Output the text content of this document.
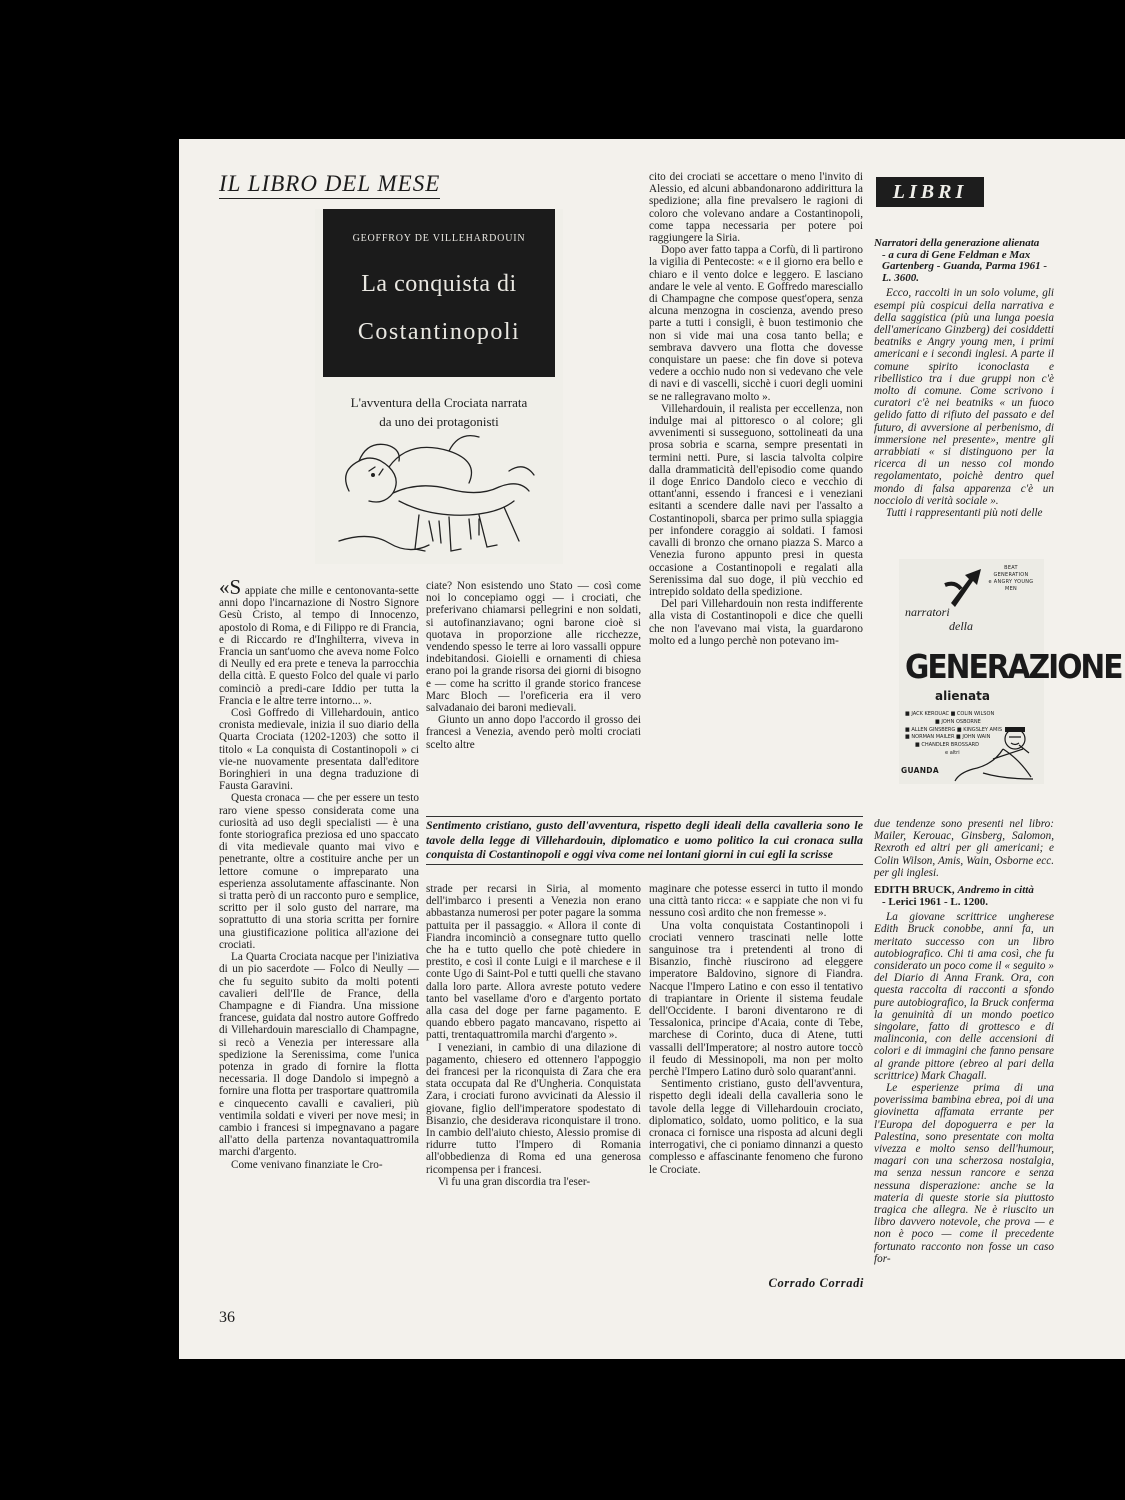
IL LIBRO DEL MESE
GEOFFROY DE VILLEHARDOUIN
La conquista di
Costantinopoli
L'avventura della Crociata narrata
da uno dei protagonisti

«S appiate che mille e centonovanta-sette anni dopo l'incarnazione di Nostro Signore Gesù Cristo, al tempo di Innocenzo, apostolo di Roma, e di Filippo re di Francia, e di Riccardo re d'Inghilterra, viveva in Francia un sant'uomo che aveva nome Folco di Neully ed era prete e teneva la parrocchia della città. E questo Folco del quale vi parlo cominciò a predi-care Iddio per tutta la Francia e le altre terre intorno... ».

Così Goffredo di Villehardouin, antico cronista medievale, inizia il suo diario della Quarta Crociata (1202-1203) che sotto il titolo « La conquista di Costantinopoli » ci vie-ne nuovamente presentata dall'editore Boringhieri in una degna traduzione di Fausta Garavini.

Questa cronaca — che per essere un testo raro viene spesso considerata come una curiosità ad uso degli specialisti — è una fonte storiografica preziosa ed uno spaccato di vita medievale quanto mai vivo e penetrante, oltre a costituire anche per un lettore comune o impreparato una esperienza assolutamente affascinante. Non si tratta però di un racconto puro e semplice, scritto per il solo gusto del narrare, ma soprattutto di una storia scritta per fornire una giustificazione politica all'azione dei crociati.

La Quarta Crociata nacque per l'iniziativa di un pio sacerdote — Folco di Neully — che fu seguito subito da molti potenti cavalieri dell'Ile de France, della Champagne e di Fiandra. Una missione francese, guidata dal nostro autore Goffredo di Villehardouin maresciallo di Champagne, si recò a Venezia per interessare alla spedizione la Serenissima, come l'unica potenza in grado di fornire la flotta necessaria. Il doge Dandolo si impegnò a fornire una flotta per trasportare quattromila e cinquecento cavalli e cavalieri, più ventimila soldati e viveri per nove mesi; in cambio i francesi si impegnavano a pagare all'atto della partenza novantaquattromila marchi d'argento.

Come venivano finanziate le Cro-

ciate? Non esistendo uno Stato — così come noi lo concepiamo oggi — i crociati, che preferivano chiamarsi pellegrini e non soldati, si autofinanziavano; ogni barone cioè si quotava in proporzione alle ricchezze, vendendo spesso le terre ai loro vassalli oppure indebitandosi. Gioielli e ornamenti di chiesa erano poi la grande risorsa dei giorni di bisogno e — come ha scritto il grande storico francese Marc Bloch — l'oreficeria era il vero salvadanaio dei baroni medievali.

Giunto un anno dopo l'accordo il grosso dei francesi a Venezia, avendo però molti crociati scelto altre

cito dei crociati se accettare o meno l'invito di Alessio, ed alcuni abbandonarono addirittura la spedizione; alla fine prevalsero le ragioni di coloro che volevano andare a Costantinopoli, come tappa necessaria per potere poi raggiungere la Siria.

Dopo aver fatto tappa a Corfù, di lì partirono la vigilia di Pentecoste: « e il giorno era bello e chiaro e il vento dolce e leggero. E lasciano andare le vele al vento. E Goffredo maresciallo di Champagne che compose quest'opera, senza alcuna menzogna in coscienza, avendo preso parte a tutti i consigli, è buon testimonio che non si vide mai una cosa tanto bella; e sembrava davvero una flotta che dovesse conquistare un paese: che fin dove si poteva vedere a occhio nudo non si vedevano che vele di navi e di vascelli, sicchè i cuori degli uomini se ne rallegravano molto ».

Villehardouin, il realista per eccellenza, non indulge mai al pittoresco o al colore; gli avvenimenti si susseguono, sottolineati da una prosa sobria e scarna, sempre presentati in termini netti. Pure, si lascia talvolta colpire dalla drammaticità dell'episodio come quando il doge Enrico Dandolo cieco e vecchio di ottant'anni, essendo i francesi e i veneziani esitanti a scendere dalle navi per l'assalto a Costantinopoli, sbarca per primo sulla spiaggia per infondere coraggio ai soldati. I famosi cavalli di bronzo che ornano piazza S. Marco a Venezia furono appunto presi in questa occasione a Costantinopoli e regalati alla Serenissima dal suo doge, il più vecchio ed intrepido soldato della spedizione.

Del pari Villehardouin non resta indifferente alla vista di Costantinopoli e dice che quelli che non l'avevano mai vista, la guardarono molto ed a lungo perchè non potevano im-

Sentimento cristiano, gusto dell'avventura, rispetto degli ideali della cavalleria sono le tavole della legge di Villehardouin, diplomatico e uomo politico la cui cronaca sulla conquista di Costantinopoli e oggi viva come nei lontani giorni in cui egli la scrisse

strade per recarsi in Siria, al momento dell'imbarco i presenti a Venezia non erano abbastanza numerosi per poter pagare la somma pattuita per il passaggio. « Allora il conte di Fiandra incominciò a consegnare tutto quello che ha e tutto quello che potè chiedere in prestito, e così il conte Luigi e il marchese e il conte Ugo di Saint-Pol e tutti quelli che stavano dalla loro parte. Allora avreste potuto vedere tanto bel vasellame d'oro e d'argento portato alla casa del doge per farne pagamento. E quando ebbero pagato mancavano, rispetto ai patti, trentaquattromila marchi d'argento ».

I veneziani, in cambio di una dilazione di pagamento, chiesero ed ottennero l'appoggio dei francesi per la riconquista di Zara che era stata occupata dal Re d'Ungheria. Conquistata Zara, i crociati furono avvicinati da Alessio il giovane, figlio dell'imperatore spodestato di Bisanzio, che desiderava riconquistare il trono. In cambio dell'aiuto chiesto, Alessio promise di ridurre tutto l'Impero di Romania all'obbedienza di Roma ed una generosa ricompensa per i francesi.

Vi fu una gran discordia tra l'eser-

maginare che potesse esserci in tutto il mondo una città tanto ricca: « e sappiate che non vi fu nessuno così ardito che non fremesse ».

Una volta conquistata Costantinopoli i crociati vennero trascinati nelle lotte sanguinose tra i pretendenti al trono di Bisanzio, finchè riuscirono ad eleggere imperatore Baldovino, signore di Fiandra. Nacque l'Impero Latino e con esso il tentativo di trapiantare in Oriente il sistema feudale dell'Occidente. I baroni diventarono re di Tessalonica, principe d'Acaia, conte di Tebe, marchese di Corinto, duca di Atene, tutti vassalli dell'Imperatore; al nostro autore toccò il feudo di Messinopoli, ma non per molto perchè l'Impero Latino durò solo quarant'anni.

Sentimento cristiano, gusto dell'avventura, rispetto degli ideali della cavalleria sono le tavole della legge di Villehardouin crociato, diplomatico, soldato, uomo politico, e la sua cronaca ci fornisce una risposta ad alcuni degli interrogativi, che ci poniamo dinnanzi a questo complesso e affascinante fenomeno che furono le Crociate.

Corrado Corradi
LIBRI
Narratori della generazione alienata
- a cura di Gene Feldman e Max Gartenberg - Guanda, Parma 1961 - L. 3600.

Ecco, raccolti in un solo volume, gli esempi più cospicui della narrativa e della saggistica (più una lunga poesia dell'americano Ginzberg) dei cosiddetti beatniks e Angry young men, i primi americani e i secondi inglesi. A parte il comune spirito iconoclasta e ribellistico tra i due gruppi non c'è molto di comune. Come scrivono i curatori c'è nei beatniks « un fuoco gelido fatto di rifiuto del passato e del futuro, di avversione al perbenismo, di immersione nel presente», mentre gli arrabbiati « si distinguono per la ricerca di un nesso col mondo regolamentato, poichè dentro quel mondo di falsa apparenza c'è un nocciolo di verità sociale ».

Tutti i rappresentanti più noti delle

BEAT
GENERATION
e ANGRY YOUNG
MEN
narratori
della
GENERAZIONE
alienata
■ JACK KEROUAC ■ COLIN WILSON
■ JOHN OSBORNE
■ ALLEN GINSBERG ■ KINGSLEY AMIS
■ NORMAN MAILER ■ JOHN WAIN
■ CHANDLER BROSSARD
e altri
GUANDA

due tendenze sono presenti nel libro: Mailer, Kerouac, Ginsberg, Salomon, Rexroth ed altri per gli americani; e Colin Wilson, Amis, Wain, Osborne ecc. per gli inglesi.

EDITH BRUCK, Andremo in città
- Lerici 1961 - L. 1200.

La giovane scrittrice ungherese Edith Bruck conobbe, anni fa, un meritato successo con un libro autobiografico. Chi ti ama così, che fu considerato un poco come il « seguito » del Diario di Anna Frank. Ora, con questa raccolta di racconti a sfondo pure autobiografico, la Bruck conferma la genuinità di un mondo poetico singolare, fatto di grottesco e di malinconia, con delle accensioni di colori e di immagini che fanno pensare al grande pittore (ebreo al pari della scrittrice) Mark Chagall.

Le esperienze prima di una poverissima bambina ebrea, poi di una giovinetta affamata errante per l'Europa del dopoguerra e per la Palestina, sono presentate con molta vivezza e molto senso dell'humour, magari con una scherzosa nostalgia, ma senza nessun rancore e senza nessuna disperazione: anche se la materia di queste storie sia piuttosto tragica che allegra. Ne è riuscito un libro davvero notevole, che prova — e non è poco — come il precedente fortunato racconto non fosse un caso for-

36
